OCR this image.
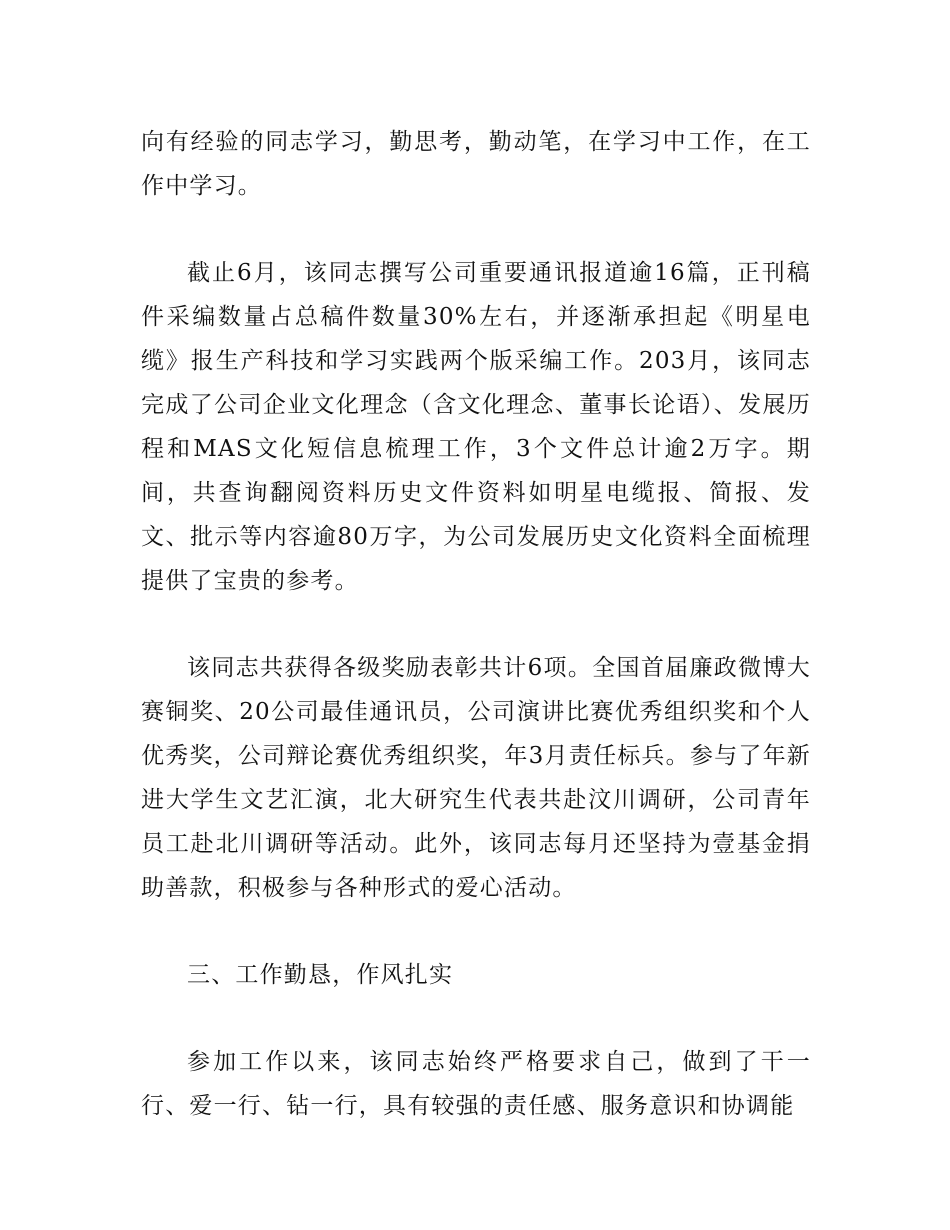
向有经验的同志学习，勤思考，勤动笔，在学习中工作，在工作中学习。

截止6月，该同志撰写公司重要通讯报道逾16篇，正刊稿件采编数量占总稿件数量30%左右，并逐渐承担起《明星电缆》报生产科技和学习实践两个版采编工作。203月，该同志完成了公司企业文化理念（含文化理念、董事长论语）、发展历程和MAS文化短信息梳理工作，3个文件总计逾2万字。期间，共查询翻阅资料历史文件资料如明星电缆报、简报、发文、批示等内容逾80万字，为公司发展历史文化资料全面梳理提供了宝贵的参考。

该同志共获得各级奖励表彰共计6项。全国首届廉政微博大赛铜奖、20公司最佳通讯员，公司演讲比赛优秀组织奖和个人优秀奖，公司辩论赛优秀组织奖，年3月责任标兵。参与了年新进大学生文艺汇演，北大研究生代表共赴汶川调研，公司青年员工赴北川调研等活动。此外，该同志每月还坚持为壹基金捐助善款，积极参与各种形式的爱心活动。

三、工作勤恳，作风扎实

参加工作以来，该同志始终严格要求自己，做到了干一行、爱一行、钻一行，具有较强的责任感、服务意识和协调能
